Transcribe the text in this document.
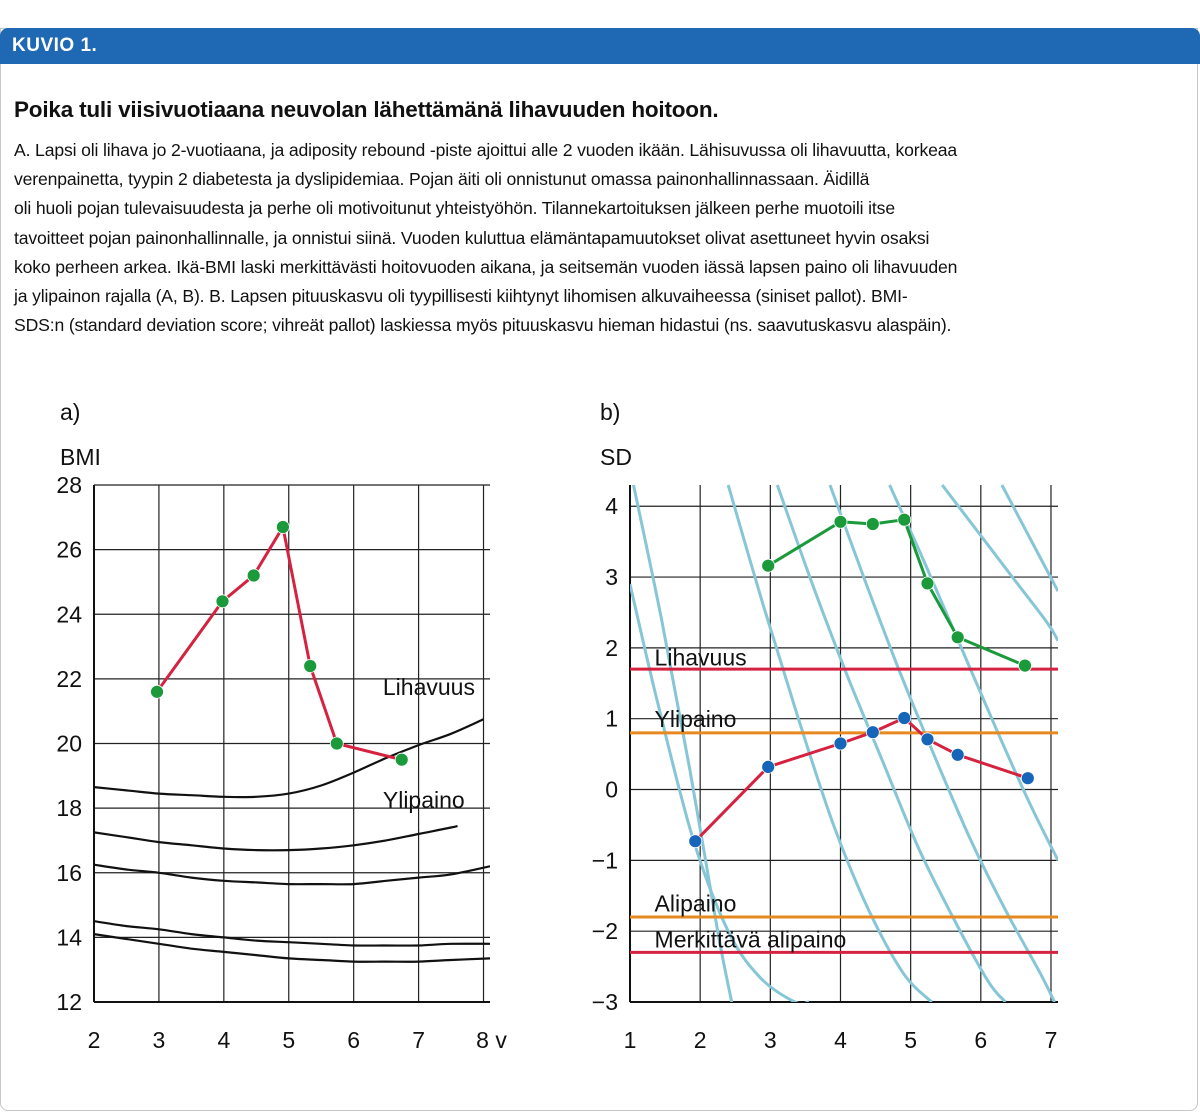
KUVIO 1.
Poika tuli viisivuotiaana neuvolan lähettämänä lihavuuden hoitoon.
A. Lapsi oli lihava jo 2-vuotiaana, ja adiposity rebound -piste ajoittui alle 2 vuoden ikään. Lähisuvussa oli lihavuutta, korkeaa
verenpainetta, tyypin 2 diabetesta ja dyslipidemiaa. Pojan äiti oli onnistunut omassa painonhallinnassaan. Äidillä
oli huoli pojan tulevaisuudesta ja perhe oli motivoitunut yhteistyöhön. Tilannekartoituksen jälkeen perhe muotoili itse
tavoitteet pojan painonhallinnalle, ja onnistui siinä. Vuoden kuluttua elämäntapamuutokset olivat asettuneet hyvin osaksi
koko perheen arkea. Ikä-BMI laski merkittävästi hoitovuoden aikana, ja seitsemän vuoden iässä lapsen paino oli lihavuuden
ja ylipainon rajalla (A, B). B. Lapsen pituuskasvu oli tyypillisesti kiihtynyt lihomisen alkuvaiheessa (siniset pallot). BMI-
SDS:n (standard deviation score; vihreät pallot) laskiessa myös pituuskasvu hieman hidastui (ns. saavutuskasvu alaspäin).
2 3 4 5 6 7 8 v
12
14
16
18
20
22
24
26
28
a)
BMI
Lihavuus
Ylipaino
1 2 3 4 5 6 7
−3
−2
−1
0
1
2
3
4
b)
SD
Lihavuus
Ylipaino
Alipaino
Merkittävä alipaino
